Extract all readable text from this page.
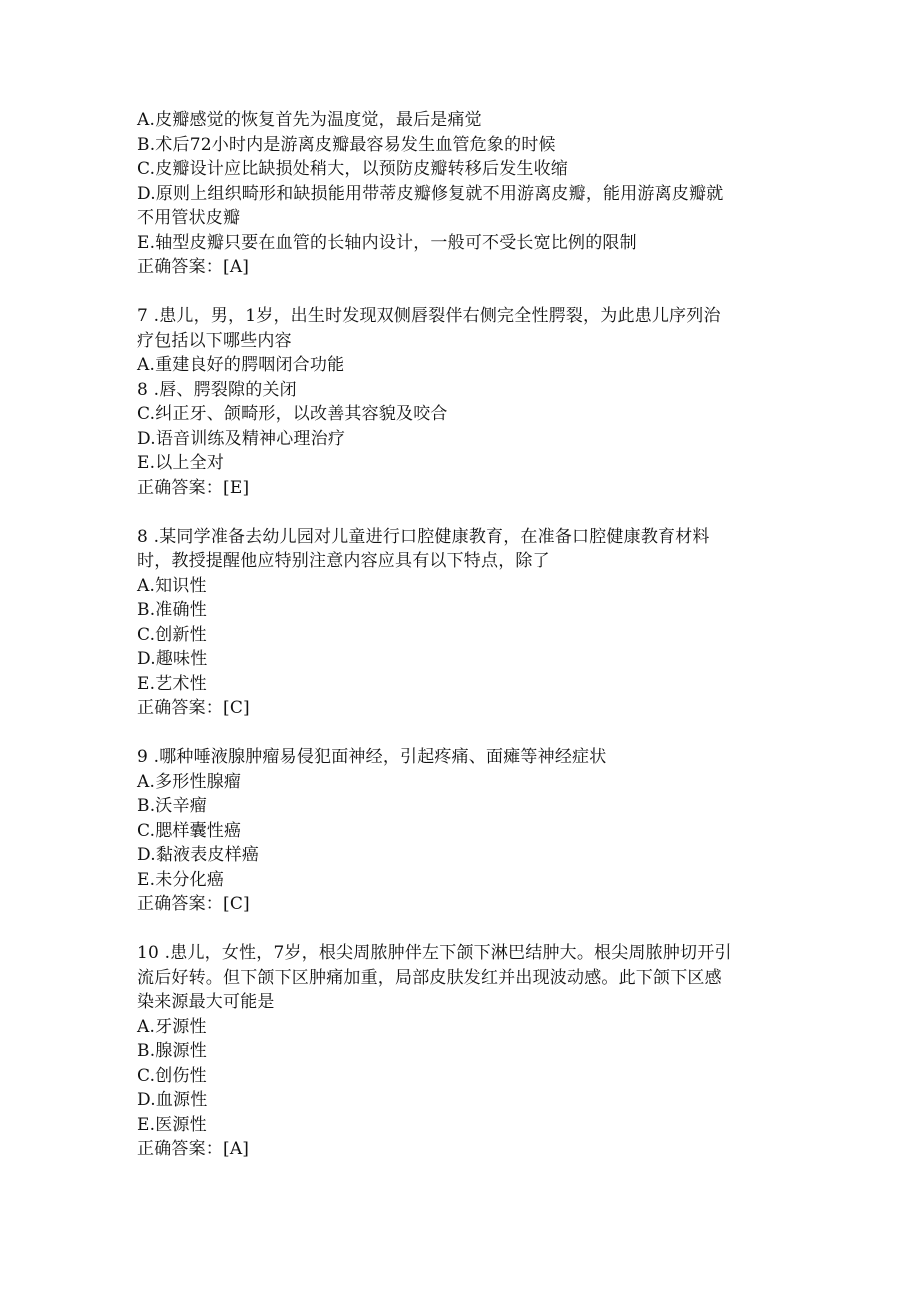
A.皮瓣感觉的恢复首先为温度觉，最后是痛觉
B.术后72小时内是游离皮瓣最容易发生血管危象的时候
C.皮瓣设计应比缺损处稍大，以预防皮瓣转移后发生收缩
D.原则上组织畸形和缺损能用带蒂皮瓣修复就不用游离皮瓣，能用游离皮瓣就
不用管状皮瓣
E.轴型皮瓣只要在血管的长轴内设计，一般可不受长宽比例的限制
正确答案：[A]
7 .患儿，男，1岁，出生时发现双侧唇裂伴右侧完全性腭裂，为此患儿序列治
疗包括以下哪些内容
A.重建良好的腭咽闭合功能
8 .唇、腭裂隙的关闭
C.纠正牙、颌畸形，以改善其容貌及咬合
D.语音训练及精神心理治疗
E.以上全对
正确答案：[E]
8 .某同学准备去幼儿园对儿童进行口腔健康教育，在准备口腔健康教育材料
时，教授提醒他应特别注意内容应具有以下特点，除了
A.知识性
B.准确性
C.创新性
D.趣味性
E.艺术性
正确答案：[C]
9 .哪种唾液腺肿瘤易侵犯面神经，引起疼痛、面瘫等神经症状
A.多形性腺瘤
B.沃辛瘤
C.腮样囊性癌
D.黏液表皮样癌
E.未分化癌
正确答案：[C]
10 .患儿，女性，7岁，根尖周脓肿伴左下颌下淋巴结肿大。根尖周脓肿切开引
流后好转。但下颌下区肿痛加重，局部皮肤发红并出现波动感。此下颌下区感
染来源最大可能是
A.牙源性
B.腺源性
C.创伤性
D.血源性
E.医源性
正确答案：[A]
